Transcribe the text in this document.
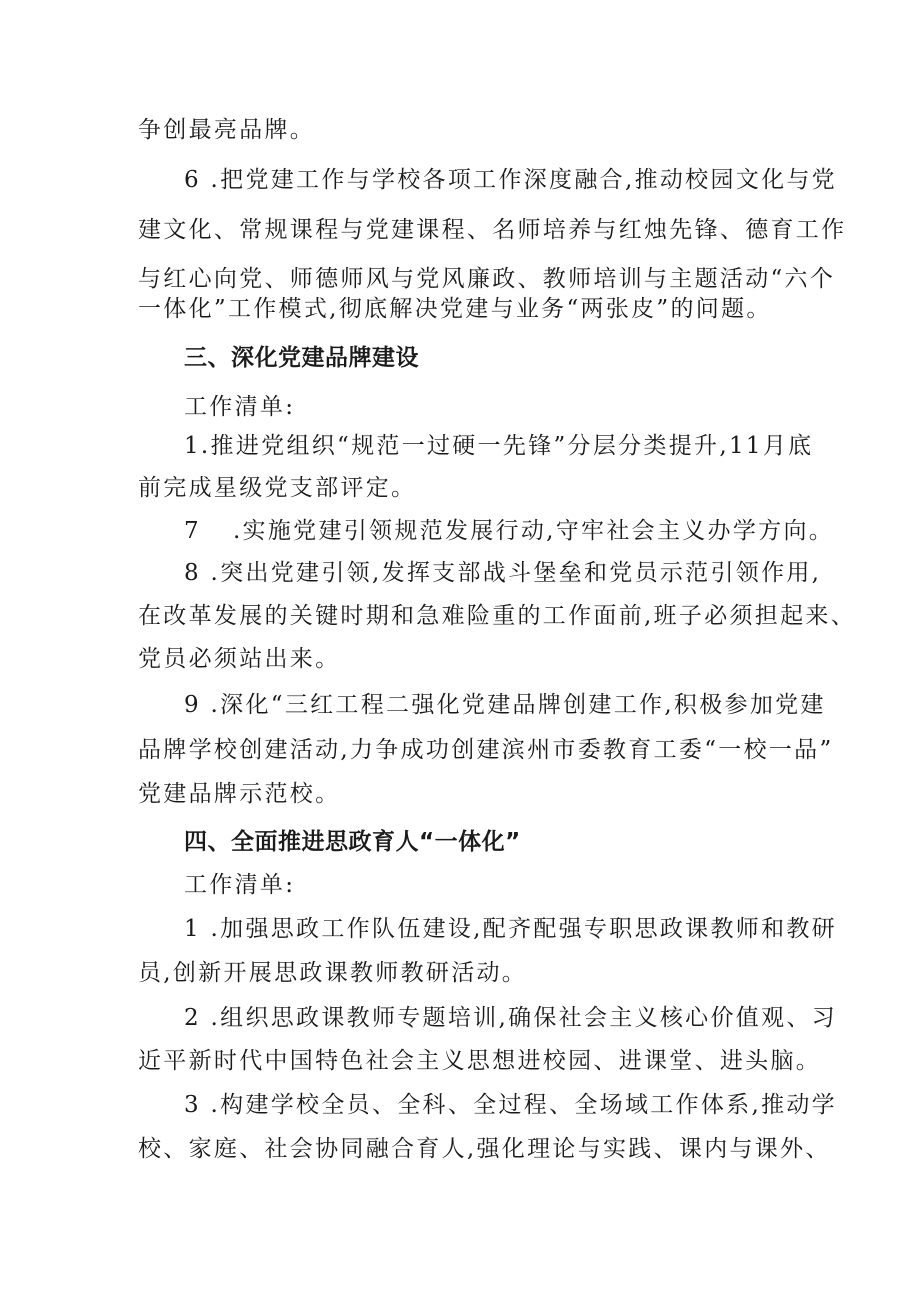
争创最亮品牌。
6 .把党建工作与学校各项工作深度融合,推动校园文化与党
建文化、常规课程与党建课程、名师培养与红烛先锋、德育工作
与红心向党、师德师风与党风廉政、教师培训与主题活动“六个
一体化”工作模式,彻底解决党建与业务“两张皮”的问题。
三、深化党建品牌建设
工作清单:
1.推进党组织“规范一过硬一先锋”分层分类提升,11月底
前完成星级党支部评定。
7 .实施党建引领规范发展行动,守牢社会主义办学方向。
8 .突出党建引领,发挥支部战斗堡垒和党员示范引领作用,
在改革发展的关键时期和急难险重的工作面前,班子必须担起来、
党员必须站出来。
9 .深化“三红工程二强化党建品牌创建工作,积极参加党建
品牌学校创建活动,力争成功创建滨州市委教育工委“一校一品”
党建品牌示范校。
四、全面推进思政育人“一体化”
工作清单:
1 .加强思政工作队伍建设,配齐配强专职思政课教师和教研
员,创新开展思政课教师教研活动。
2 .组织思政课教师专题培训,确保社会主义核心价值观、习
近平新时代中国特色社会主义思想进校园、进课堂、进头脑。
3 .构建学校全员、全科、全过程、全场域工作体系,推动学
校、家庭、社会协同融合育人,强化理论与实践、课内与课外、
